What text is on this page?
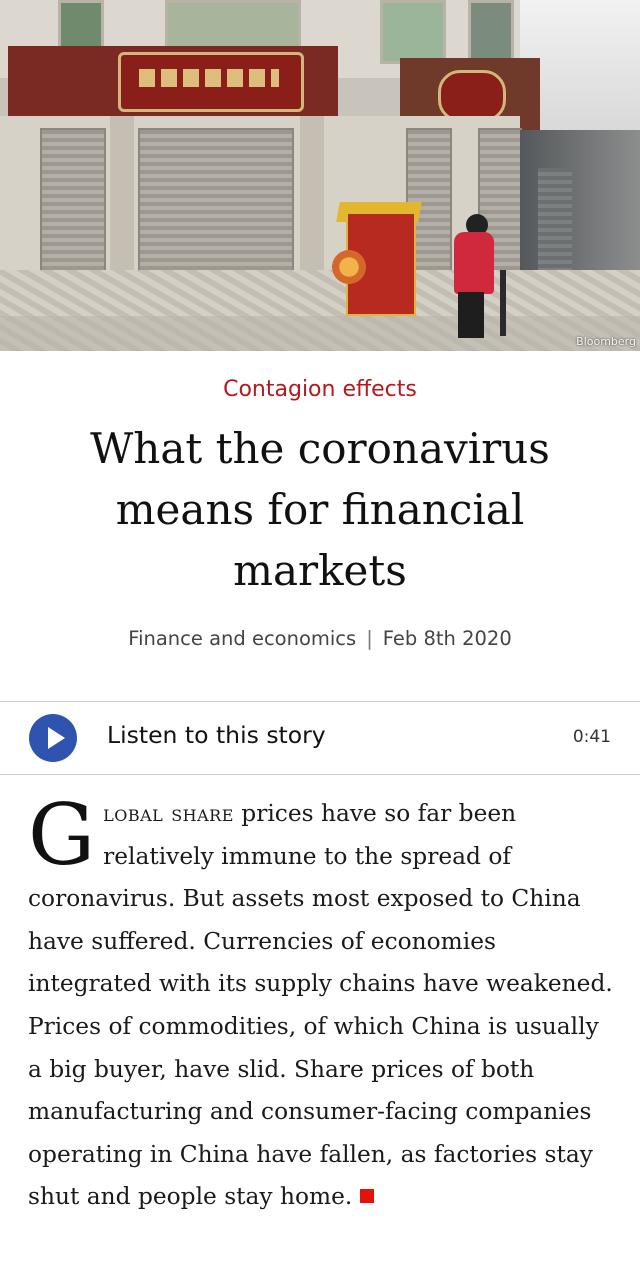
Bloomberg
Contagion effects
What the coronavirus means for financial markets
Finance and economics | Feb 8th 2020
Listen to this story	0:41

Global share prices have so far been relatively immune to the spread of coronavirus. But assets most exposed to China have suffered. Currencies of economies integrated with its supply chains have weakened. Prices of commodities, of which China is usually a big buyer, have slid. Share prices of both manufacturing and consumer-facing companies operating in China have fallen, as factories stay shut and people stay home.
